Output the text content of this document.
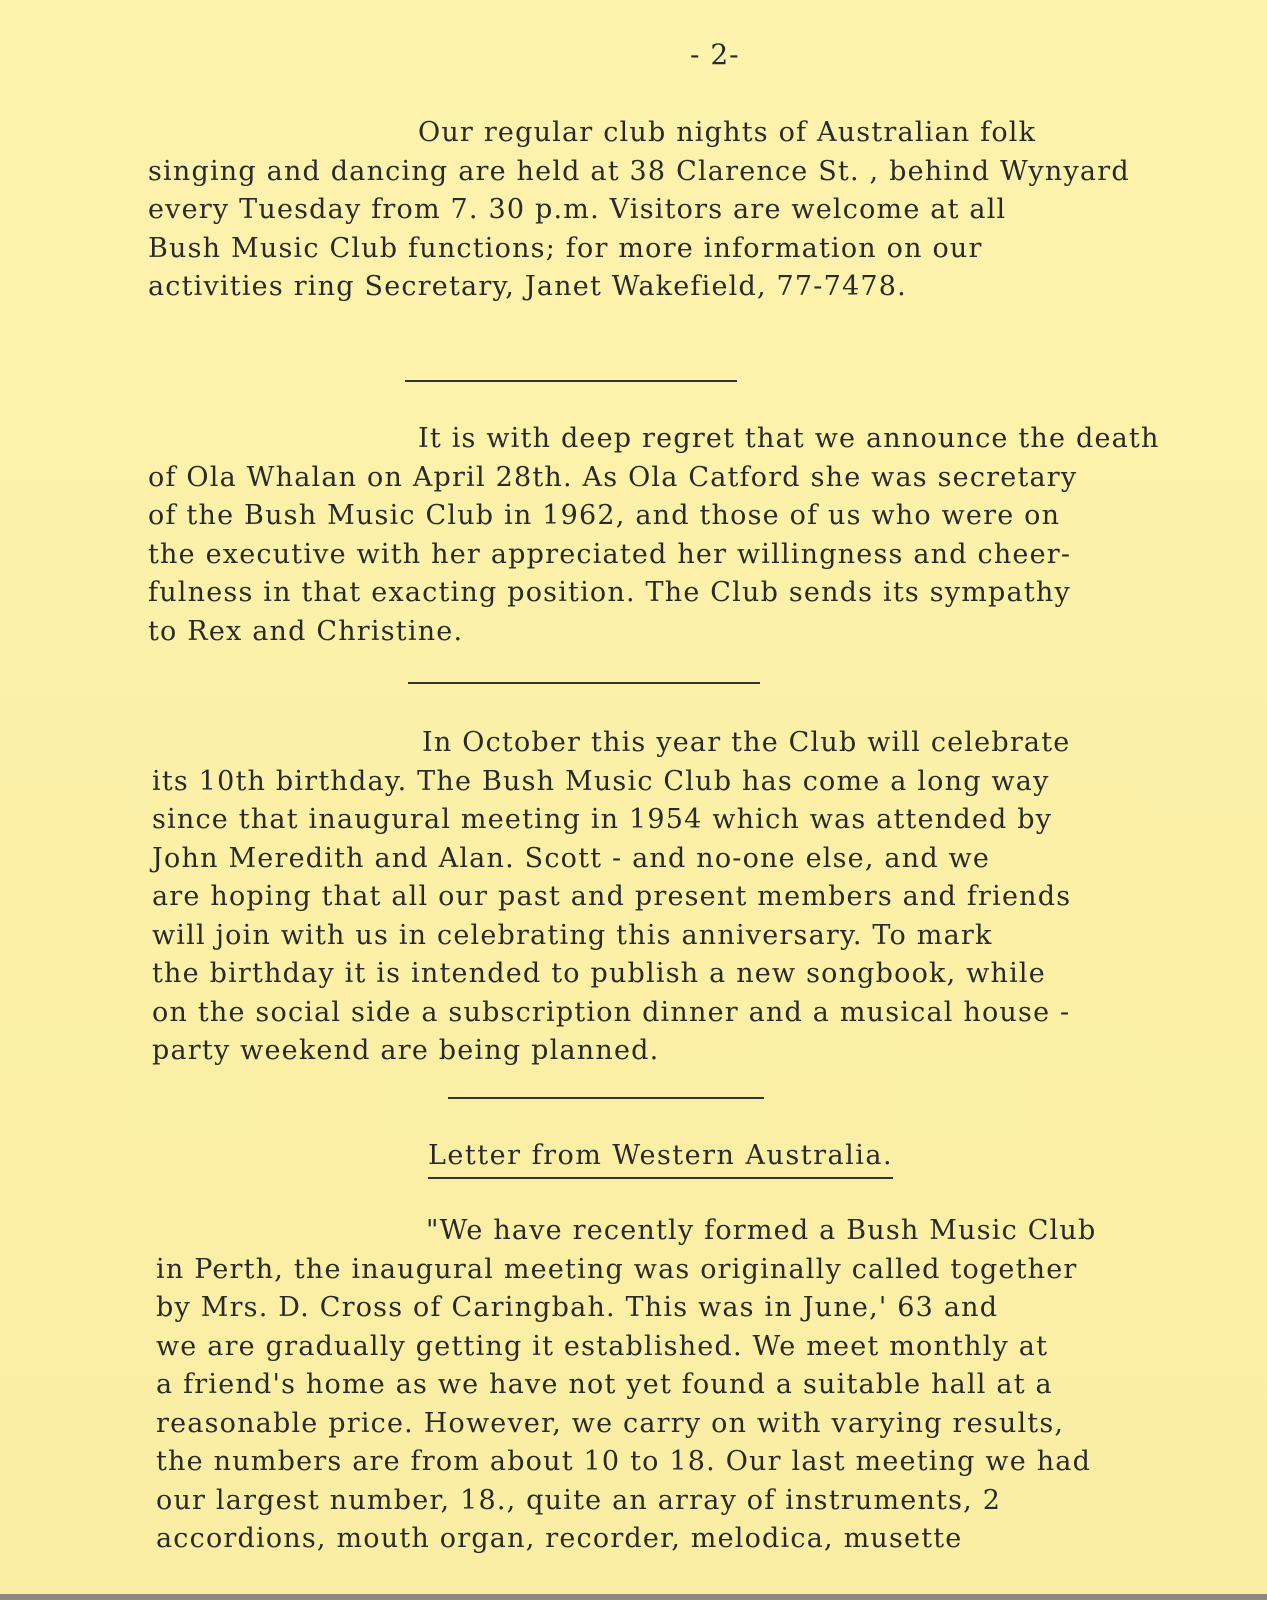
- 2-
Our regular club nights of Australian folk
singing and dancing are held at 38 Clarence St. , behind Wynyard
every Tuesday from 7. 30 p.m. Visitors are welcome at all
Bush Music Club functions; for more information on our
activities ring Secretary, Janet Wakefield, 77-7478.
It is with deep regret that we announce the death
of Ola Whalan on April 28th. As Ola Catford she was secretary
of the Bush Music Club in 1962, and those of us who were on
the executive with her appreciated her willingness and cheer-
fulness in that exacting position. The Club sends its sympathy
to Rex and Christine.
In October this year the Club will celebrate
its 10th birthday. The Bush Music Club has come a long way
since that inaugural meeting in 1954 which was attended by
John Meredith and Alan. Scott - and no-one else, and we
are hoping that all our past and present members and friends
will join with us in celebrating this anniversary. To mark
the birthday it is intended to publish a new songbook, while
on the social side a subscription dinner and a musical house -
party weekend are being planned.
Letter from Western Australia.
"We have recently formed a Bush Music Club
in Perth, the inaugural meeting was originally called together
by Mrs. D. Cross of Caringbah. This was in June,' 63 and
we are gradually getting it established. We meet monthly at
a friend's home as we have not yet found a suitable hall at a
reasonable price. However, we carry on with varying results,
the numbers are from about 10 to 18. Our last meeting we had
our largest number, 18., quite an array of instruments, 2
accordions, mouth organ, recorder, melodica, musette
